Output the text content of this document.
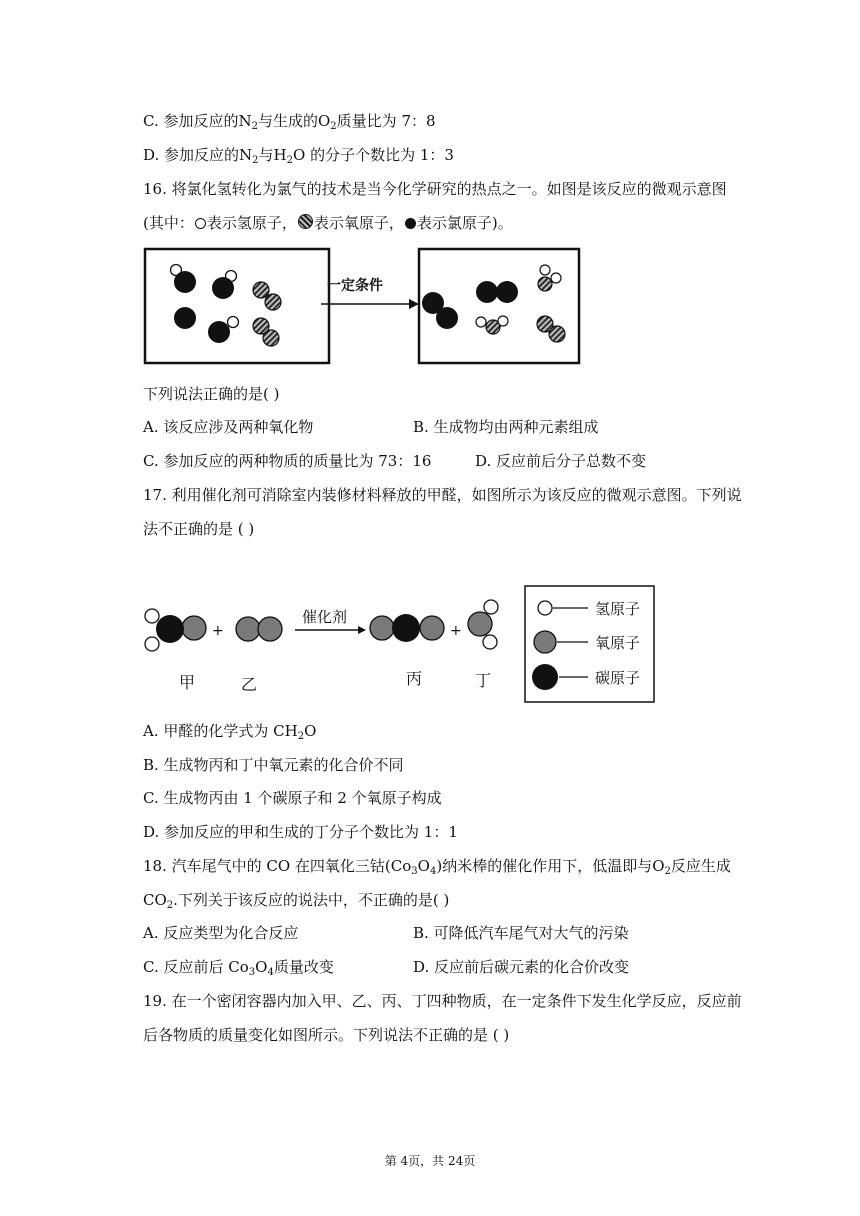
C. 参加反应的$N_2$与生成的$O_2$质量比为 7：8
D. 参加反应的$N_2$与$H_2O$ 的分子个数比为 1：3
16. 将氯化氢转化为氯气的技术是当今化学研究的热点之一。如图是该反应的微观示意图
(其中： 表示氢原子， 表示氧原子， 表示氯原子)。
一定条件
下列说法正确的是( )
A. 该反应涉及两种氧化物	B. 生成物均由两种元素组成
C. 参加反应的两种物质的质量比为 73：16	D. 反应前后分子总数不变
17. 利用催化剂可消除室内装修材料释放的甲醛，如图所示为该反应的微观示意图。下列说
法不正确的是 ( )
+
催化剂
+
甲	乙	丙	丁
氢原子
氧原子
碳原子
A. 甲醛的化学式为 $CH_2O$
B. 生成物丙和丁中氧元素的化合价不同
C. 生成物丙由 1 个碳原子和 2 个氧原子构成
D. 参加反应的甲和生成的丁分子个数比为 1：1
18. 汽车尾气中的 CO 在四氧化三钴$(Co_3O_4)$纳米棒的催化作用下，低温即与$O_2$反应生成
$CO_2$.下列关于该反应的说法中，不正确的是( )
A. 反应类型为化合反应	B. 可降低汽车尾气对大气的污染
C. 反应前后 $Co_3O_4$质量改变	D. 反应前后碳元素的化合价改变
19. 在一个密闭容器内加入甲、乙、丙、丁四种物质，在一定条件下发生化学反应，反应前
后各物质的质量变化如图所示。下列说法不正确的是 ( )
第 4页，共 24页
